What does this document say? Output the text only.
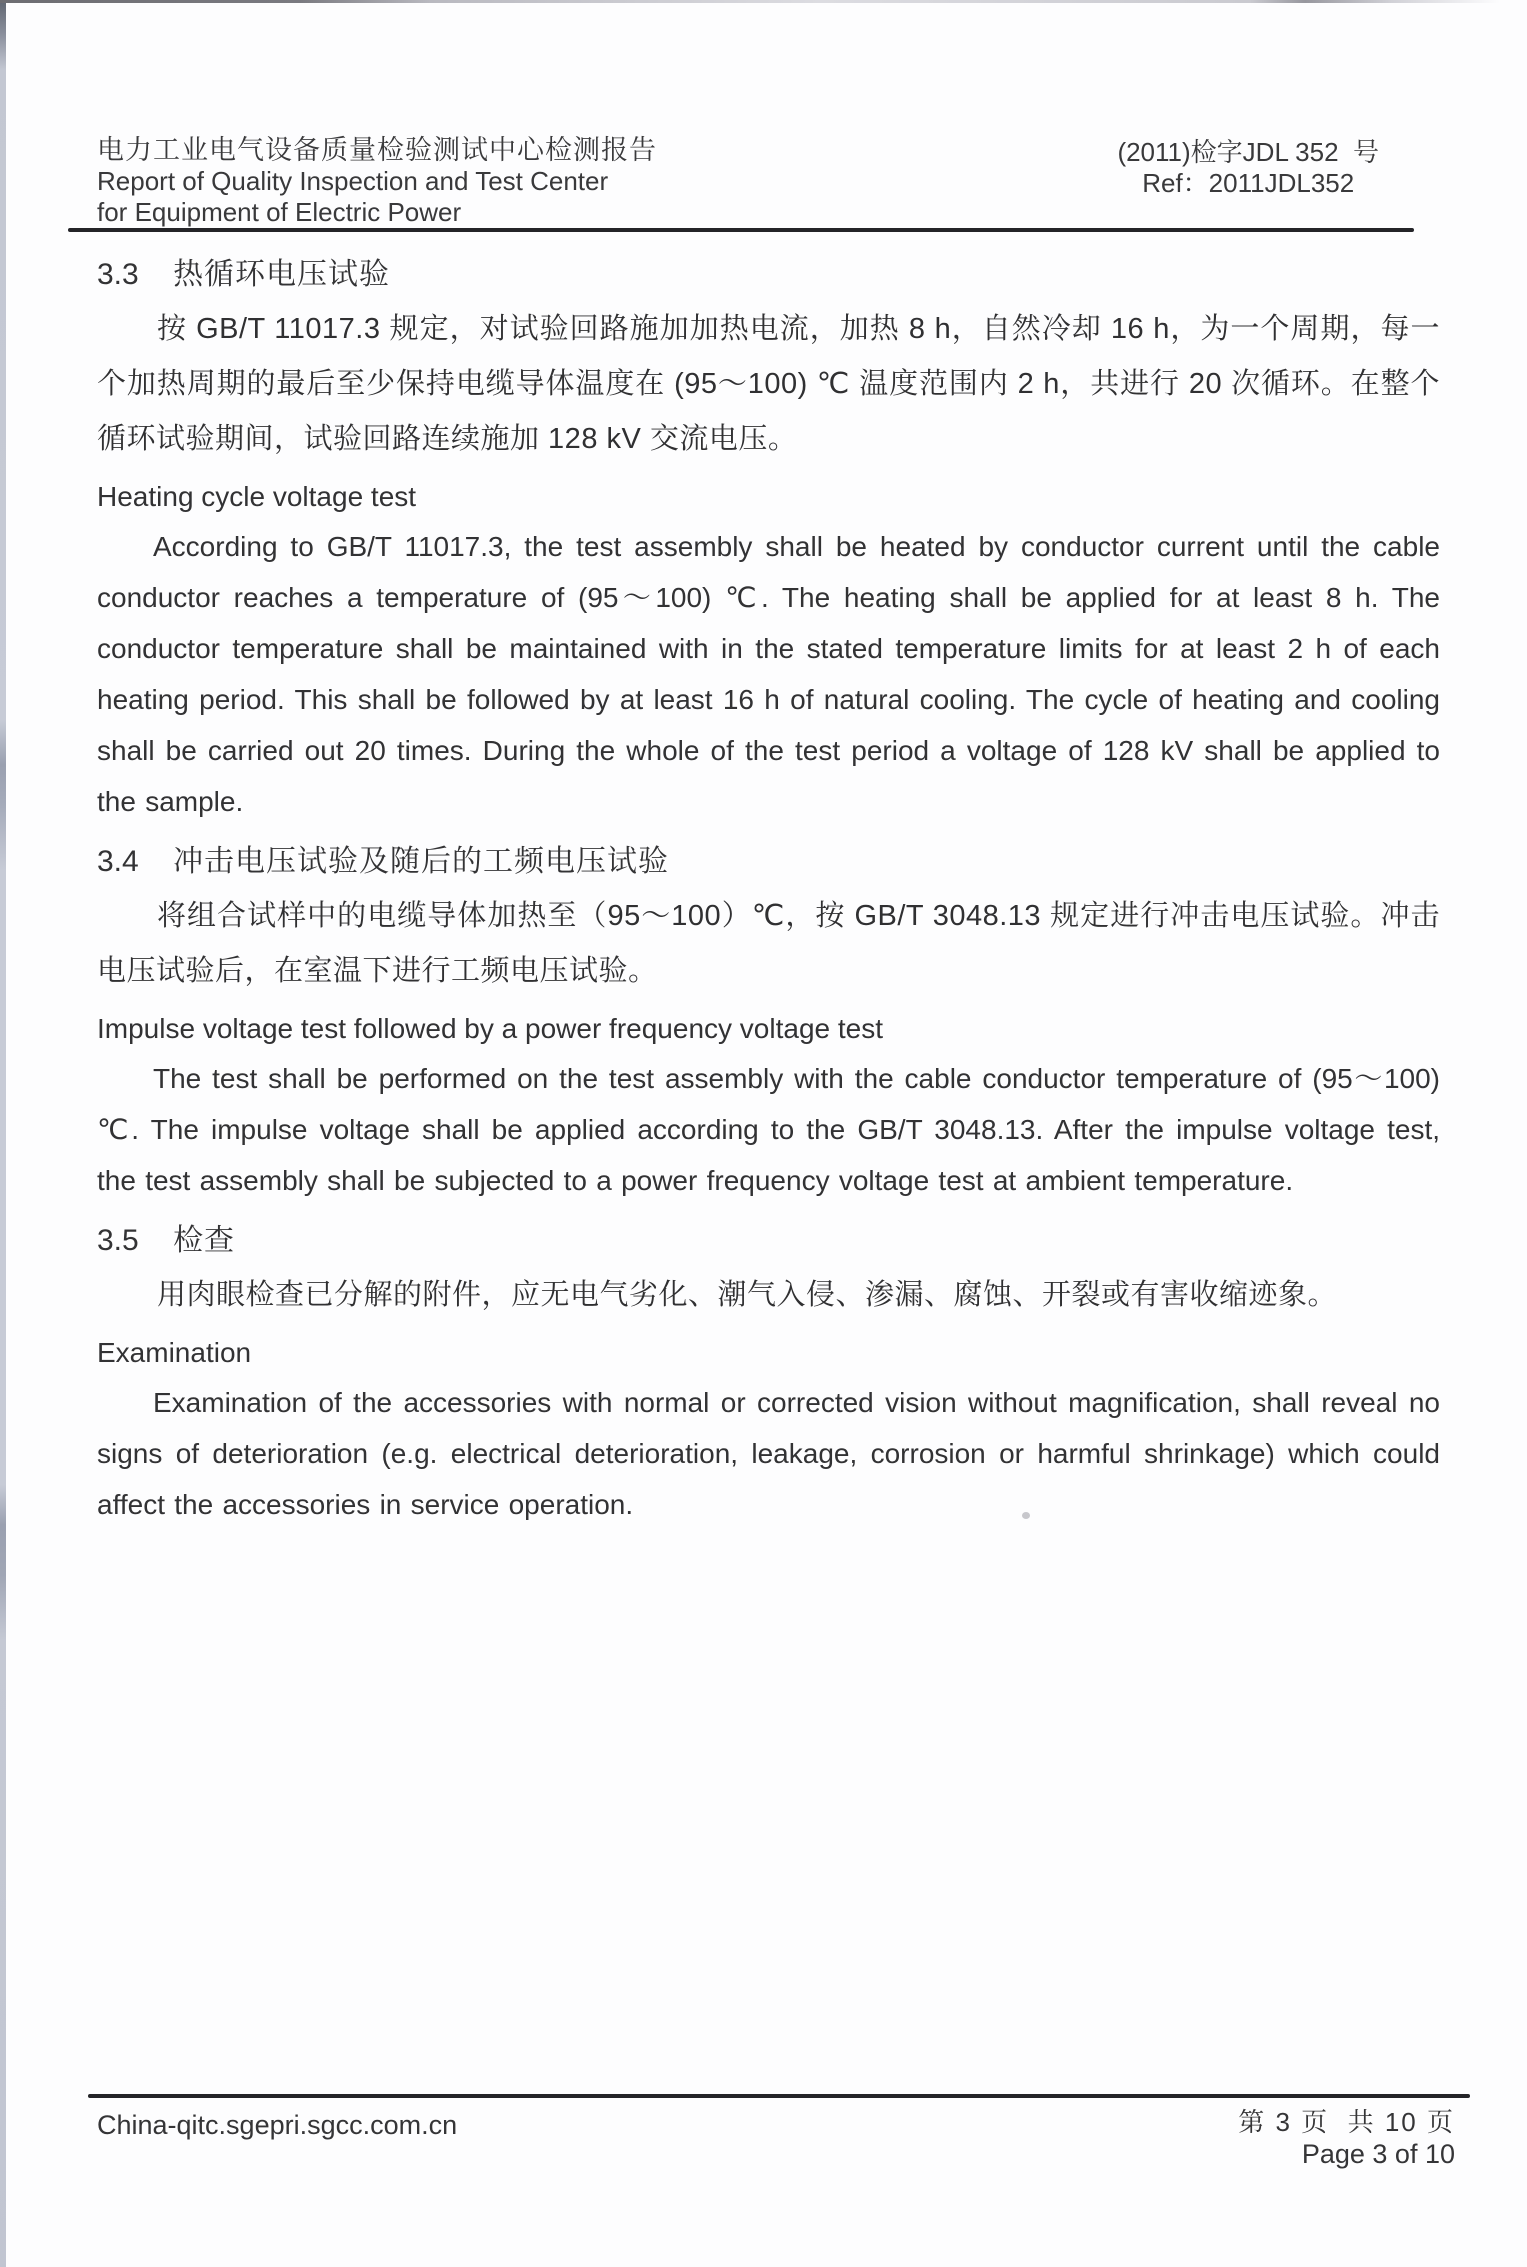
电力工业电气设备质量检验测试中心检测报告
Report of Quality Inspection and Test Center
for Equipment of Electric Power
(2011)检字JDL 352  号
Ref：2011JDL352
3.3 热循环电压试验

按 GB/T 11017.3 规定，对试验回路施加加热电流，加热 8 h，自然冷却 16 h，为一个周期，每一个加热周期的最后至少保持电缆导体温度在 (95～100) ℃ 温度范围内 2 h，共进行 20 次循环。在整个循环试验期间，试验回路连续施加 128 kV 交流电压。

Heating cycle voltage test

According to GB/T 11017.3, the test assembly shall be heated by conductor current until the cable conductor reaches a temperature of (95～100) ℃. The heating shall be applied for at least 8 h. The conductor temperature shall be maintained with in the stated temperature limits for at least 2 h of each heating period. This shall be followed by at least 16 h of natural cooling. The cycle of heating and cooling shall be carried out 20 times. During the whole of the test period a voltage of 128 kV shall be applied to the sample.

3.4 冲击电压试验及随后的工频电压试验

将组合试样中的电缆导体加热至（95～100）℃，按 GB/T 3048.13 规定进行冲击电压试验。冲击电压试验后，在室温下进行工频电压试验。

Impulse voltage test followed by a power frequency voltage test

The test shall be performed on the test assembly with the cable conductor temperature of (95～100) ℃. The impulse voltage shall be applied according to the GB/T 3048.13. After the impulse voltage test, the test assembly shall be subjected to a power frequency voltage test at ambient temperature.

3.5 检查

用肉眼检查已分解的附件，应无电气劣化、潮气入侵、渗漏、腐蚀、开裂或有害收缩迹象。

Examination

Examination of the accessories with normal or corrected vision without magnification, shall reveal no signs of deterioration (e.g. electrical deterioration, leakage, corrosion or harmful shrinkage) which could affect the accessories in service operation.

China-qitc.sgepri.sgcc.com.cn	第 3 页  共 10 页
Page 3 of 10
